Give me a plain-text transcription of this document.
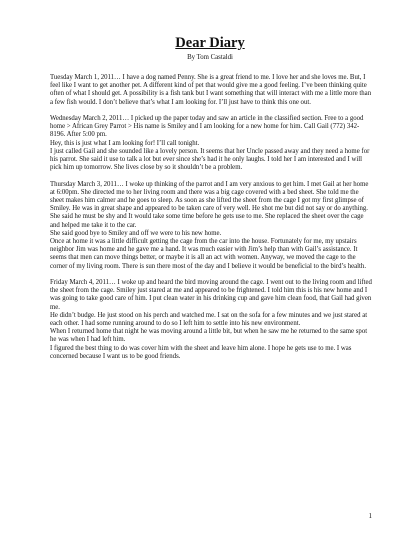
Dear Diary
By Tom Castaldi

Tuesday March 1, 2011… I have a dog named Penny. She is a great friend to me. I love her and she loves me. But, I feel like I want to get another pet. A different kind of pet that would give me a good feeling. I’ve been thinking quite often of what I should get. A possibility is a fish tank but I want something that will interact with me a little more than a few fish would. I don’t believe that’s what I am looking for. I’ll just have to think this one out.

Wednesday March 2, 2011… I picked up the paper today and saw an article in the classified section. Free to a good home > African Grey Parrot > His name is Smiley and I am looking for a new home for him. Call Gail (772) 342-8196. After 5:00 pm.

Hey, this is just what I am looking for! I’ll call tonight.

I just called Gail and she sounded like a lovely person. It seems that her Uncle passed away and they need a home for his parrot. She said it use to talk a lot but ever since she’s had it he only laughs. I told her I am interested and I will pick him up tomorrow. She lives close by so it shouldn’t be a problem.

Thursday March 3, 2011… I woke up thinking of the parrot and I am very anxious to get him. I met Gail at her home at 6:00pm. She directed me to her living room and there was a big cage covered with a bed sheet. She told me the sheet makes him calmer and he goes to sleep. As soon as she lifted the sheet from the cage I got my first glimpse of Smiley. He was in great shape and appeared to be taken care of very well. He shot me but did not say or do anything. She said he must be shy and It would take some time before he gets use to me. She replaced the sheet over the cage and helped me take it to the car.

She said good bye to Smiley and off we were to his new home.

Once at home it was a little difficult getting the cage from the car into the house. Fortunately for me, my upstairs neighbor Jim was home and he gave me a hand. It was much easier with Jim’s help than with Gail’s assistance. It seems that men can move things better, or maybe it is all an act with women. Anyway, we moved the cage to the corner of my living room. There is sun there most of the day and I believe it would be beneficial to the bird’s health.

Friday March 4, 2011… I woke up and heard the bird moving around the cage. I went out to the living room and lifted the sheet from the cage. Smiley just stared at me and appeared to be frightened. I told him this is his new home and I was going to take good care of him. I put clean water in his drinking cup and gave him clean food, that Gail had given me.

He didn’t budge. He just stood on his perch and watched me. I sat on the sofa for a few minutes and we just stared at each other. I had some running around to do so I left him to settle into his new environment.

When I returned home that night he was moving around a little bit, but when he saw me he returned to the same spot he was when I had left him.

I figured the best thing to do was cover him with the sheet and leave him alone. I hope he gets use to me. I was concerned because I want us to be good friends.

1
